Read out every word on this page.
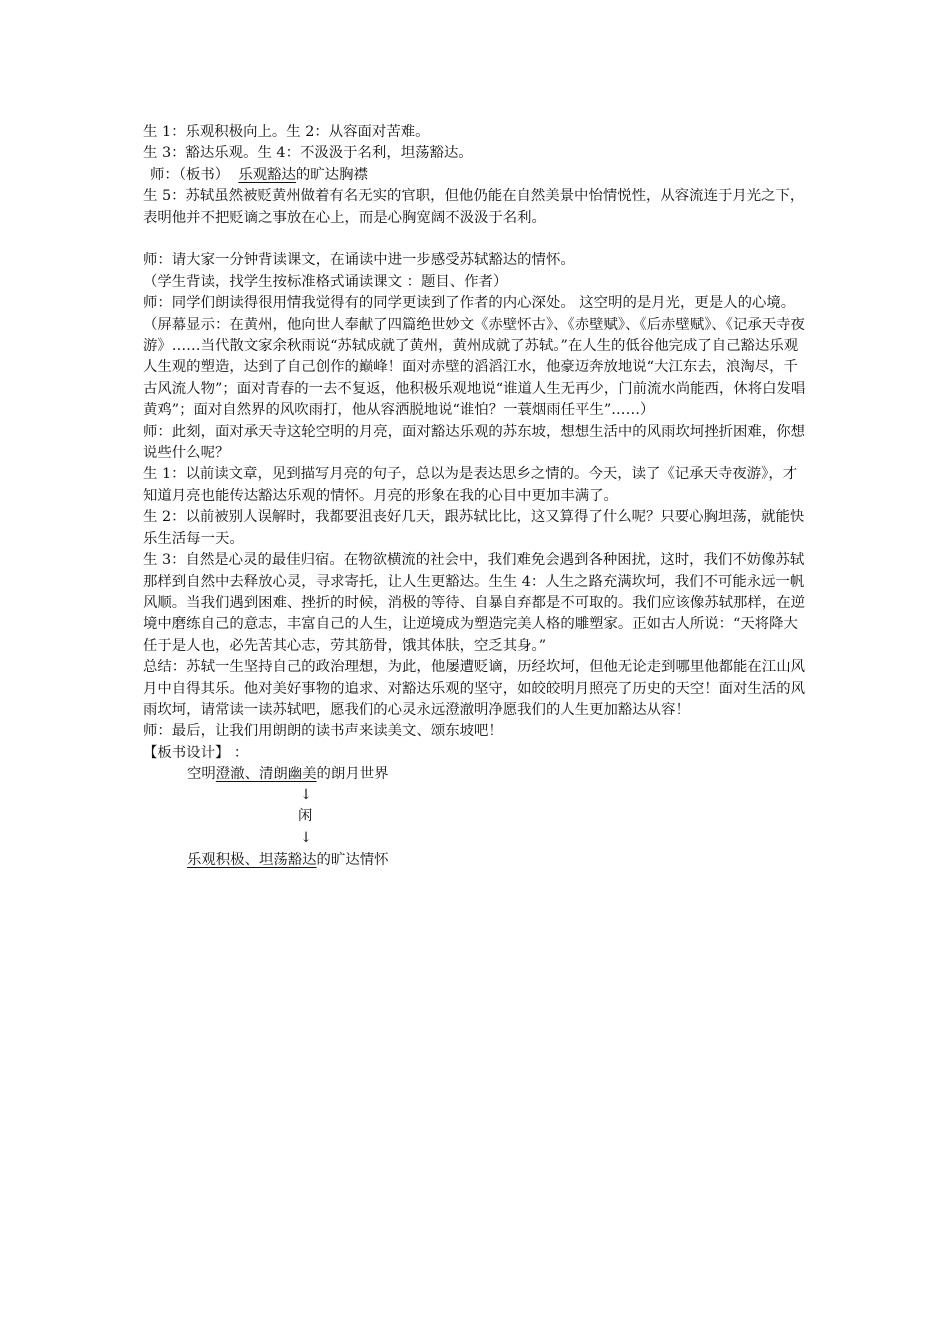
生 1：乐观积极向上。生 2：从容面对苦难。

生 3：豁达乐观。生 4：不汲汲于名利，坦荡豁达。

师：（板书） 乐观豁达的旷达胸襟

生 5：苏轼虽然被贬黄州做着有名无实的官职，但他仍能在自然美景中怡情悦性，从容流连于月光之下，表明他并不把贬谪之事放在心上，而是心胸宽阔不汲汲于名利。

师：请大家一分钟背读课文，在诵读中进一步感受苏轼豁达的情怀。

（学生背读，找学生按标准格式诵读课文 ：题目、作者）

师：同学们朗读得很用情我觉得有的同学更读到了作者的内心深处。 这空明的是月光，更是人的心境。

（屏幕显示：在黄州，他向世人奉献了四篇绝世妙文《赤壁怀古》、《赤壁赋》、《后赤壁赋》、《记承天寺夜游》……当代散文家余秋雨说“苏轼成就了黄州，黄州成就了苏轼。”在人生的低谷他完成了自己豁达乐观人生观的塑造，达到了自己创作的巅峰！面对赤壁的滔滔江水，他豪迈奔放地说“大江东去，浪淘尽，千古风流人物”；面对青春的一去不复返，他积极乐观地说“谁道人生无再少，门前流水尚能西，休将白发唱黄鸡”；面对自然界的风吹雨打，他从容洒脱地说“谁怕？一蓑烟雨任平生”……）

师：此刻，面对承天寺这轮空明的月亮，面对豁达乐观的苏东坡，想想生活中的风雨坎坷挫折困难，你想说些什么呢？

生 1：以前读文章，见到描写月亮的句子，总以为是表达思乡之情的。今天，读了《记承天寺夜游》，才知道月亮也能传达豁达乐观的情怀。月亮的形象在我的心目中更加丰满了。

生 2：以前被别人误解时，我都要沮丧好几天，跟苏轼比比，这又算得了什么呢？只要心胸坦荡，就能快乐生活每一天。

生 3：自然是心灵的最佳归宿。在物欲横流的社会中，我们难免会遇到各种困扰，这时，我们不妨像苏轼那样到自然中去释放心灵，寻求寄托，让人生更豁达。生生 4：人生之路充满坎坷，我们不可能永远一帆风顺。当我们遇到困难、挫折的时候，消极的等待、自暴自弃都是不可取的。我们应该像苏轼那样，在逆境中磨练自己的意志，丰富自己的人生，让逆境成为塑造完美人格的雕塑家。正如古人所说：“天将降大任于是人也，必先苦其心志，劳其筋骨，饿其体肤，空乏其身。”

总结：苏轼一生坚持自己的政治理想，为此，他屡遭贬谪，历经坎坷，但他无论走到哪里他都能在江山风月中自得其乐。他对美好事物的追求、对豁达乐观的坚守，如皎皎明月照亮了历史的天空！面对生活的风雨坎坷，请常读一读苏轼吧，愿我们的心灵永远澄澈明净愿我们的人生更加豁达从容！

师：最后，让我们用朗朗的读书声来读美文、颂东坡吧！

【板书设计】 ：

空明澄澈、清朗幽美的朗月世界
↓
闲
↓
乐观积极、坦荡豁达的旷达情怀
